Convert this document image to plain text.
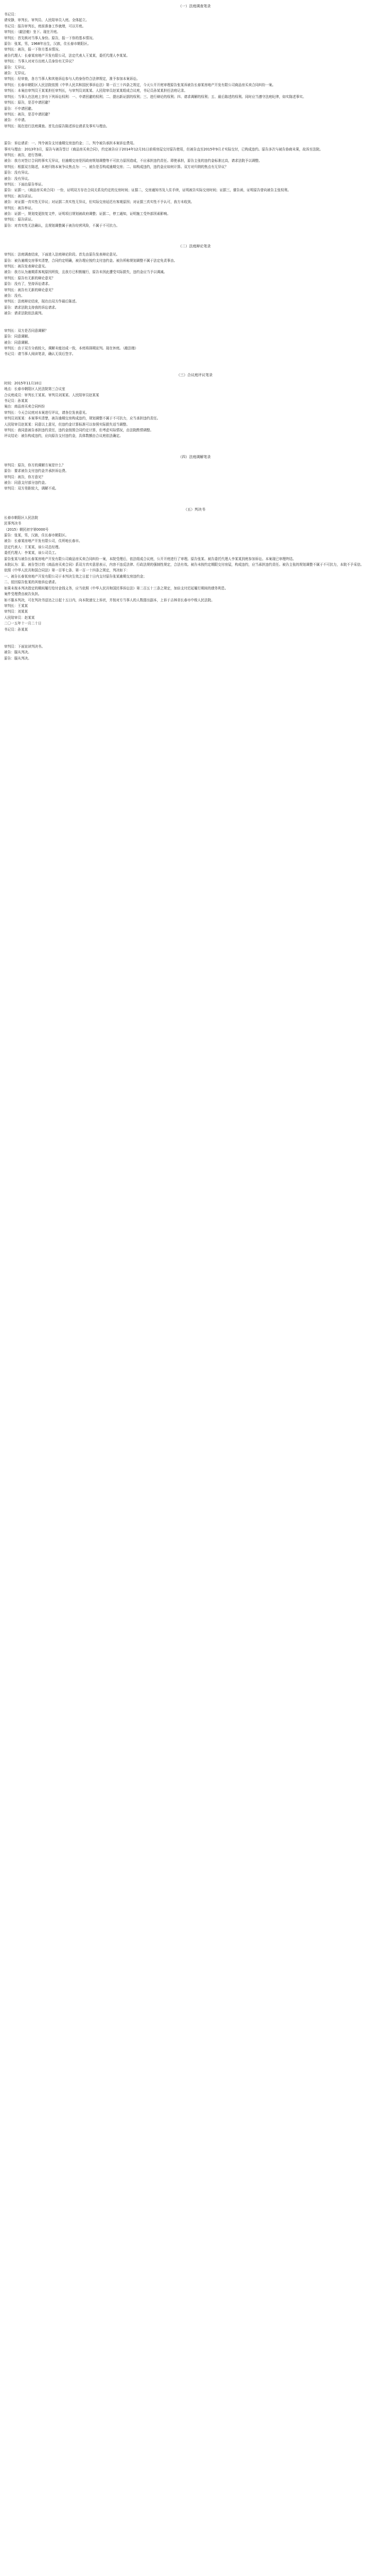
（一）法庭调查笔录

书记员：

请安静，审判长、审判员、人民陪审员入庭。全体起立。

书记员：报告审判长，庭前准备工作就绪，可以开庭。

审判长：（敲法槌）坐下。现在开庭。

审判长：首先核对当事人身份。原告，报一下你的基本情况。

原告：张某，男，1968年出生，汉族，住长春市朝阳区。

审判长：被告，报一下你方基本情况。

被告代理人：长春某房地产开发有限公司，法定代表人王某某，委托代理人李某某。

审判长：当事人对对方出庭人员身份有无异议？

原告：无异议。

被告：无异议。

审判长：经审查，各方当事人和其他诉讼参与人的身份符合法律规定，准予参加本案诉讼。

审判长：长春市朝阳区人民法院依照《中华人民共和国民事诉讼法》第一百三十四条之规定，今天公开开庭审理原告张某诉被告长春某房地产开发有限公司商品房买卖合同纠纷一案。

审判长：本案由审判员王某某担任审判长，与审判员刘某某、人民陪审员赵某某组成合议庭，书记员孙某某担任法庭记录。

审判长：当事人在法庭上享有下列诉讼权利：一、申请回避的权利；二、提出新证据的权利；三、进行辩论的权利；四、请求调解的权利；五、最后陈述的权利。同时应当遵守法庭纪律，如实陈述事实。

审判长：原告，是否申请回避？

原告：不申请回避。

审判长：被告，是否申请回避？

被告：不申请。

审判长：现在进行法庭调查。首先由原告陈述诉讼请求及事实与理由。

原告：诉讼请求：一、判令被告支付逾期交房违约金；二、判令被告承担本案诉讼费用。

事实与理由：2013年3月，原告与被告签订《商品房买卖合同》，约定被告应于2014年12月31日前将房屋交付原告使用，但被告直至2015年9月才实际交付，已构成违约。原告多次与被告协商未果，故诉至法院。

审判长：被告，进行答辩。

被告：我方对签订合同的事实无异议，但逾期交房是因政府规划调整等不可抗力原因造成，不应承担违约责任。即使承担，原告主张的违约金标准过高，请求法院予以调整。

审判长：根据双方陈述，本庭归纳本案争议焦点为：一、被告是否构成逾期交房；二、如构成违约，违约金应如何计算。双方对归纳的焦点有无异议？

原告：没有异议。

被告：没有异议。

审判长：下面由原告举证。

原告：证据一，《商品房买卖合同》一份，证明双方存在合同关系及约定的交房时间；证据二，交房通知书及入住手续，证明被告实际交房时间；证据三，催告函，证明原告曾向被告主张权利。

审判长：被告质证。

被告：对证据一真实性无异议；对证据二真实性无异议，但实际交房延迟有客观原因；对证据三真实性不予认可，我方未收到。

审判长：被告举证。

被告：证据一，规划变更批复文件，证明项目规划被政府调整；证据二，停工通知，证明施工受外部因素影响。

审判长：原告质证。

原告：对真实性无法确认，且规划调整属于被告经营风险，不属于不可抗力。

（二）法庭辩论笔录

审判长：法庭调查结束，下面进入法庭辩论阶段。首先由原告发表辩论意见。

原告：被告逾期交房事实清楚，合同约定明确，被告理应按约支付违约金。被告所称规划调整不属于法定免责事由。

审判长：被告发表辩论意见。

被告：我方认为逾期系客观原因所致，且我方已积极履行，原告未因此遭受实际损失，违约金应当予以调减。

审判长：原告有无新的辩论意见？

原告：没有了，坚持诉讼请求。

审判长：被告有无新的辩论意见？

被告：没有。

审判长：法庭辩论结束，现在由双方作最后陈述。

原告：请求法院支持我的诉讼请求。

被告：请求法院依法裁判。

审判长：双方是否同意调解？

原告：同意调解。

被告：同意调解。

审判长：由于双方分歧较大，调解未能达成一致，本庭将择期宣判。现在休庭。（敲法槌）

书记员：请当事人阅读笔录，确认无误后签字。

（三）合议庭评议笔录

时间：2015年11月10日

地点：长春市朝阳区人民法院第三合议室

合议庭成员：审判长王某某、审判员刘某某、人民陪审员赵某某

书记员：孙某某

案由：商品房买卖合同纠纷

审判长：今天合议庭对本案进行评议，请各位发表意见。

审判员刘某某：本案事实清楚，被告逾期交房构成违约，规划调整不属于不可抗力，应当承担违约责任。

人民陪审员赵某某：同意以上意见，但违约金计算标准可以参照实际损失适当调整。

审判长：我同意被告承担违约责任，违约金按照合同约定计算，但考虑实际情况，由法院酌情调整。

评议结论：被告构成违约，应向原告支付违约金，具体数额由合议庭依法确定。

（四）法庭调解笔录

审判员：原告，你方的调解方案是什么？

原告：要求被告支付违约金并承担诉讼费。

审判员：被告，你方意见？

被告：同意支付部分违约金。

审判员：双方差距较大，调解不成。

（五）判决书

长春市朝阳区人民法院

民事判决书

（2015）朝民初字第0000号

原告：张某，男，汉族，住长春市朝阳区。

被告：长春某房地产开发有限公司，住所地长春市。

法定代表人：王某某，该公司总经理。

委托代理人：李某某，该公司员工。

原告张某与被告长春某房地产开发有限公司商品房买卖合同纠纷一案，本院受理后，依法组成合议庭，公开开庭进行了审理。原告张某、被告委托代理人李某某到庭参加诉讼。本案现已审理终结。

本院认为：原、被告签订的《商品房买卖合同》系双方真实意思表示，内容不违反法律、行政法规的强制性规定，合法有效。被告未按约定期限交付房屋，构成违约，应当承担违约责任。被告主张的规划调整不属于不可抗力，本院不予采信。

依照《中华人民共和国合同法》第一百零七条、第一百一十四条之规定，判决如下：

一、被告长春某房地产开发有限公司于本判决生效之日起十日内支付原告张某逾期交房违约金；

二、驳回原告张某的其他诉讼请求。

如果未按本判决指定的期间履行给付金钱义务，应当依照《中华人民共和国民事诉讼法》第二百五十三条之规定，加倍支付迟延履行期间的债务利息。

案件受理费由被告负担。

如不服本判决，可在判决书送达之日起十五日内，向本院递交上诉状，并按对方当事人的人数提出副本，上诉于吉林省长春市中级人民法院。

审判长：王某某

审判员：刘某某

人民陪审员：赵某某

二〇一五年十一月二十日

书记员：孙某某

审判员：下面宣读判决书。

被告：服从判决。

原告：服从判决。
